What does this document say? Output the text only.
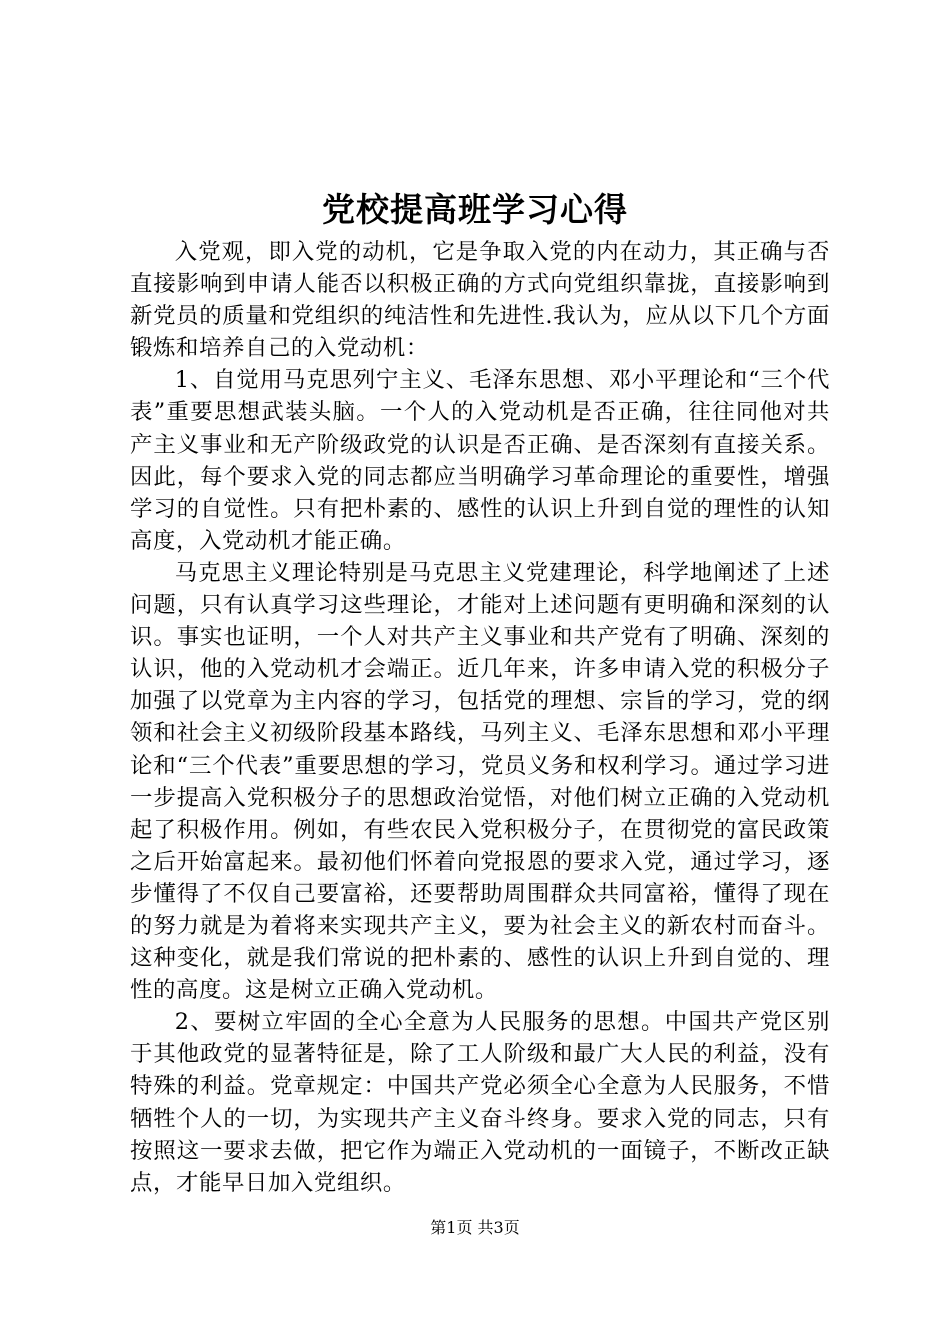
党校提高班学习心得

入党观，即入党的动机，它是争取入党的内在动力，其正确与否直接影响到申请人能否以积极正确的方式向党组织靠拢，直接影响到新党员的质量和党组织的纯洁性和先进性.我认为，应从以下几个方面锻炼和培养自己的入党动机：

1、自觉用马克思列宁主义、毛泽东思想、邓小平理论和“三个代表”重要思想武装头脑。一个人的入党动机是否正确，往往同他对共产主义事业和无产阶级政党的认识是否正确、是否深刻有直接关系。因此，每个要求入党的同志都应当明确学习革命理论的重要性，增强学习的自觉性。只有把朴素的、感性的认识上升到自觉的理性的认知高度，入党动机才能正确。

马克思主义理论特别是马克思主义党建理论，科学地阐述了上述问题，只有认真学习这些理论，才能对上述问题有更明确和深刻的认识。事实也证明，一个人对共产主义事业和共产党有了明确、深刻的认识，他的入党动机才会端正。近几年来，许多申请入党的积极分子加强了以党章为主内容的学习，包括党的理想、宗旨的学习，党的纲领和社会主义初级阶段基本路线，马列主义、毛泽东思想和邓小平理论和“三个代表”重要思想的学习，党员义务和权利学习。通过学习进一步提高入党积极分子的思想政治觉悟，对他们树立正确的入党动机起了积极作用。例如，有些农民入党积极分子，在贯彻党的富民政策之后开始富起来。最初他们怀着向党报恩的要求入党，通过学习，逐步懂得了不仅自己要富裕，还要帮助周围群众共同富裕，懂得了现在的努力就是为着将来实现共产主义，要为社会主义的新农村而奋斗。这种变化，就是我们常说的把朴素的、感性的认识上升到自觉的、理性的高度。这是树立正确入党动机。

2、要树立牢固的全心全意为人民服务的思想。中国共产党区别于其他政党的显著特征是，除了工人阶级和最广大人民的利益，没有特殊的利益。党章规定：中国共产党必须全心全意为人民服务，不惜牺牲个人的一切，为实现共产主义奋斗终身。要求入党的同志，只有按照这一要求去做，把它作为端正入党动机的一面镜子，不断改正缺点，才能早日加入党组织。

第1页 共3页
